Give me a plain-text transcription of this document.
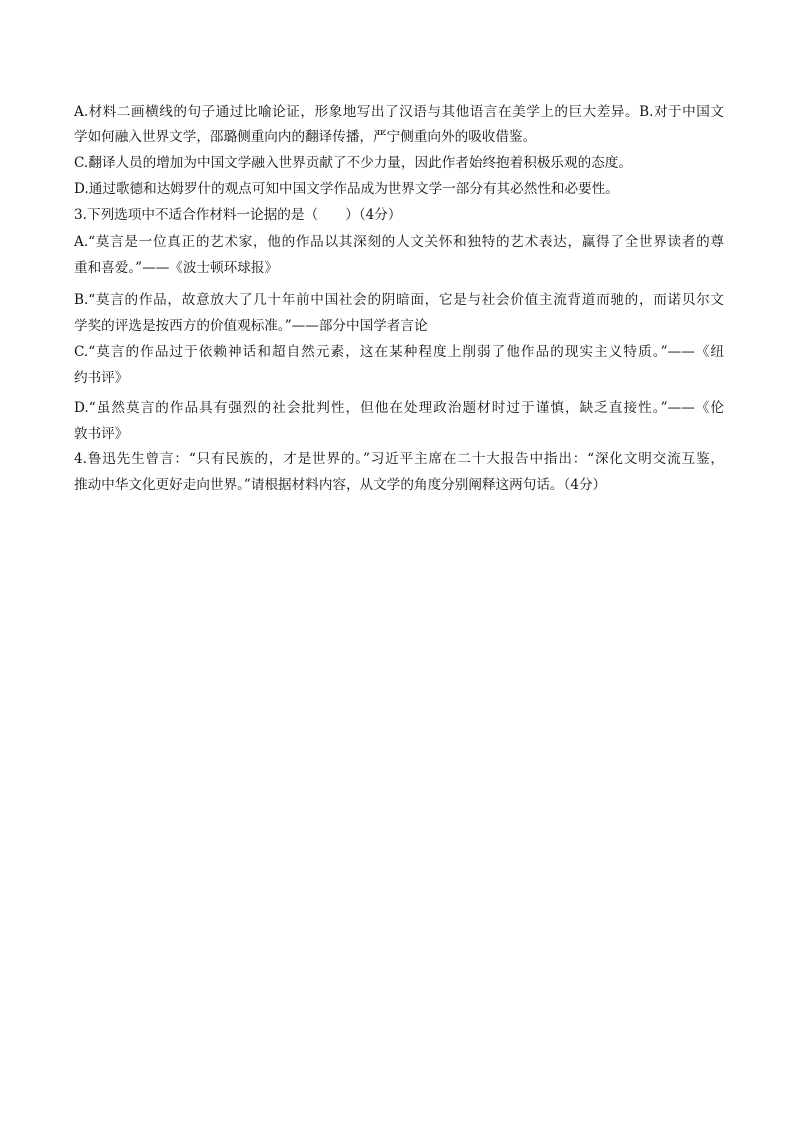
A.材料二画横线的句子通过比喻论证，形象地写出了汉语与其他语言在美学上的巨大差异。B.对于中国文

学如何融入世界文学，邵璐侧重向内的翻译传播，严宁侧重向外的吸收借鉴。

C.翻译人员的增加为中国文学融入世界贡献了不少力量，因此作者始终抱着积极乐观的态度。

D.通过歌德和达姆罗什的观点可知中国文学作品成为世界文学一部分有其必然性和必要性。

3.下列选项中不适合作材料一论据的是（　　）（4分）

A.“莫言是一位真正的艺术家，他的作品以其深刻的人文关怀和独特的艺术表达，赢得了全世界读者的尊

重和喜爱。”——《波士顿环球报》

B.“莫言的作品，故意放大了几十年前中国社会的阴暗面，它是与社会价值主流背道而驰的，而诺贝尔文

学奖的评选是按西方的价值观标准。”——部分中国学者言论

C.“莫言的作品过于依赖神话和超自然元素，这在某种程度上削弱了他作品的现实主义特质。”——《纽

约书评》

D.“虽然莫言的作品具有强烈的社会批判性，但他在处理政治题材时过于谨慎，缺乏直接性。”——《伦

敦书评》

4.鲁迅先生曾言：“只有民族的，才是世界的。”习近平主席在二十大报告中指出：“深化文明交流互鉴，

推动中华文化更好走向世界。”请根据材料内容，从文学的角度分别阐释这两句话。（4分）
